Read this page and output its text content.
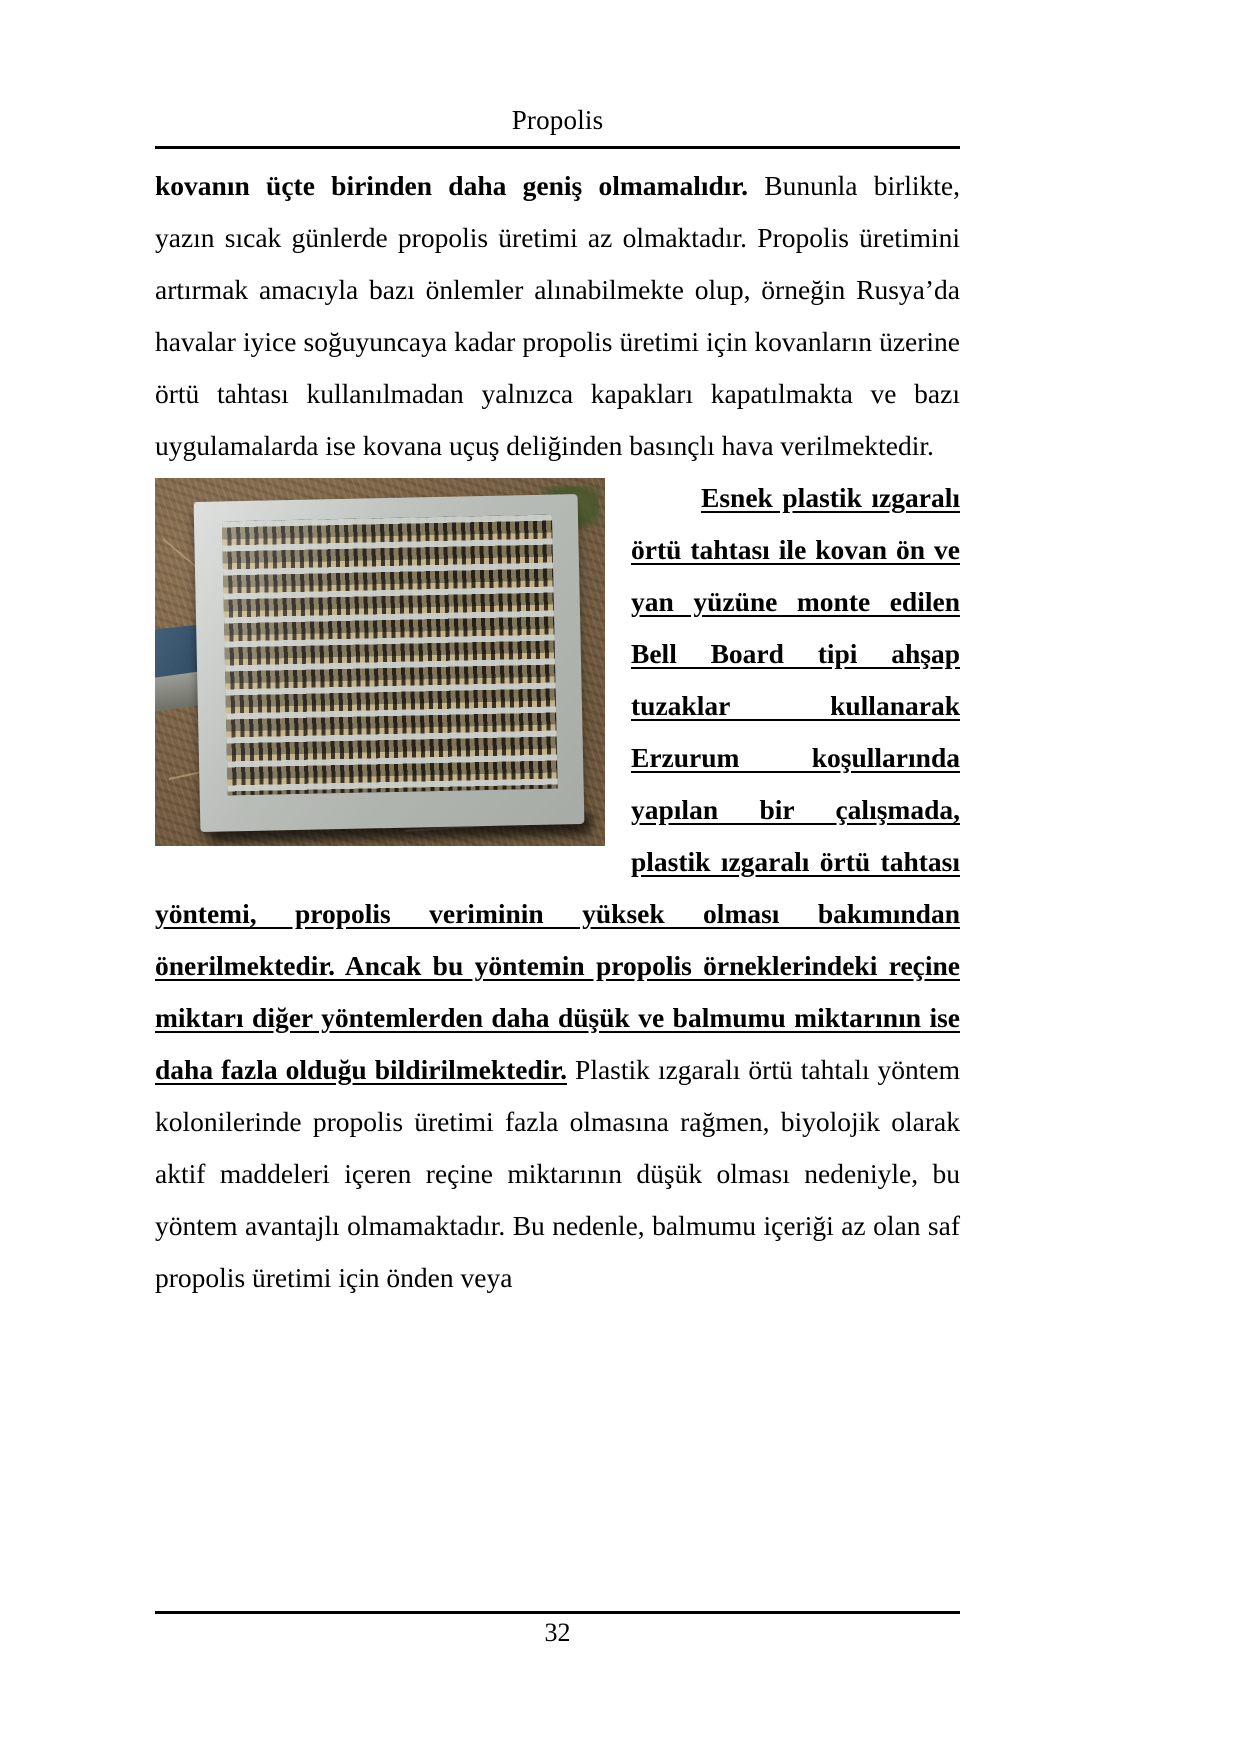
Propolis

kovanın üçte birinden daha geniş olmamalıdır. Bununla birlikte, yazın sıcak günlerde propolis üretimi az olmaktadır. Propolis üretimini artırmak amacıyla bazı önlemler alınabilmekte olup, örneğin Rusya’da havalar iyice soğuyuncaya kadar propolis üretimi için kovanların üzerine örtü tahtası kullanılmadan yalnızca kapakları kapatılmakta ve bazı uygulamalarda ise kovana uçuş deliğinden basınçlı hava verilmektedir.

Esnek plastik ızgaralı örtü tahtası ile kovan ön ve yan yüzüne monte edilen Bell Board tipi ahşap tuzaklar kullanarak Erzurum koşullarında yapılan bir çalışmada, plastik ızgaralı örtü tahtası yöntemi, propolis veriminin yüksek olması bakımından önerilmektedir. Ancak bu yöntemin propolis örneklerindeki reçine miktarı diğer yöntemlerden daha düşük ve balmumu miktarının ise daha fazla olduğu bildirilmektedir. Plastik ızgaralı örtü tahtalı yöntem kolonilerinde propolis üretimi fazla olmasına rağmen, biyolojik olarak aktif maddeleri içeren reçine miktarının düşük olması nedeniyle, bu yöntem avantajlı olmamaktadır. Bu nedenle, balmumu içeriği az olan saf propolis üretimi için önden veya

32
